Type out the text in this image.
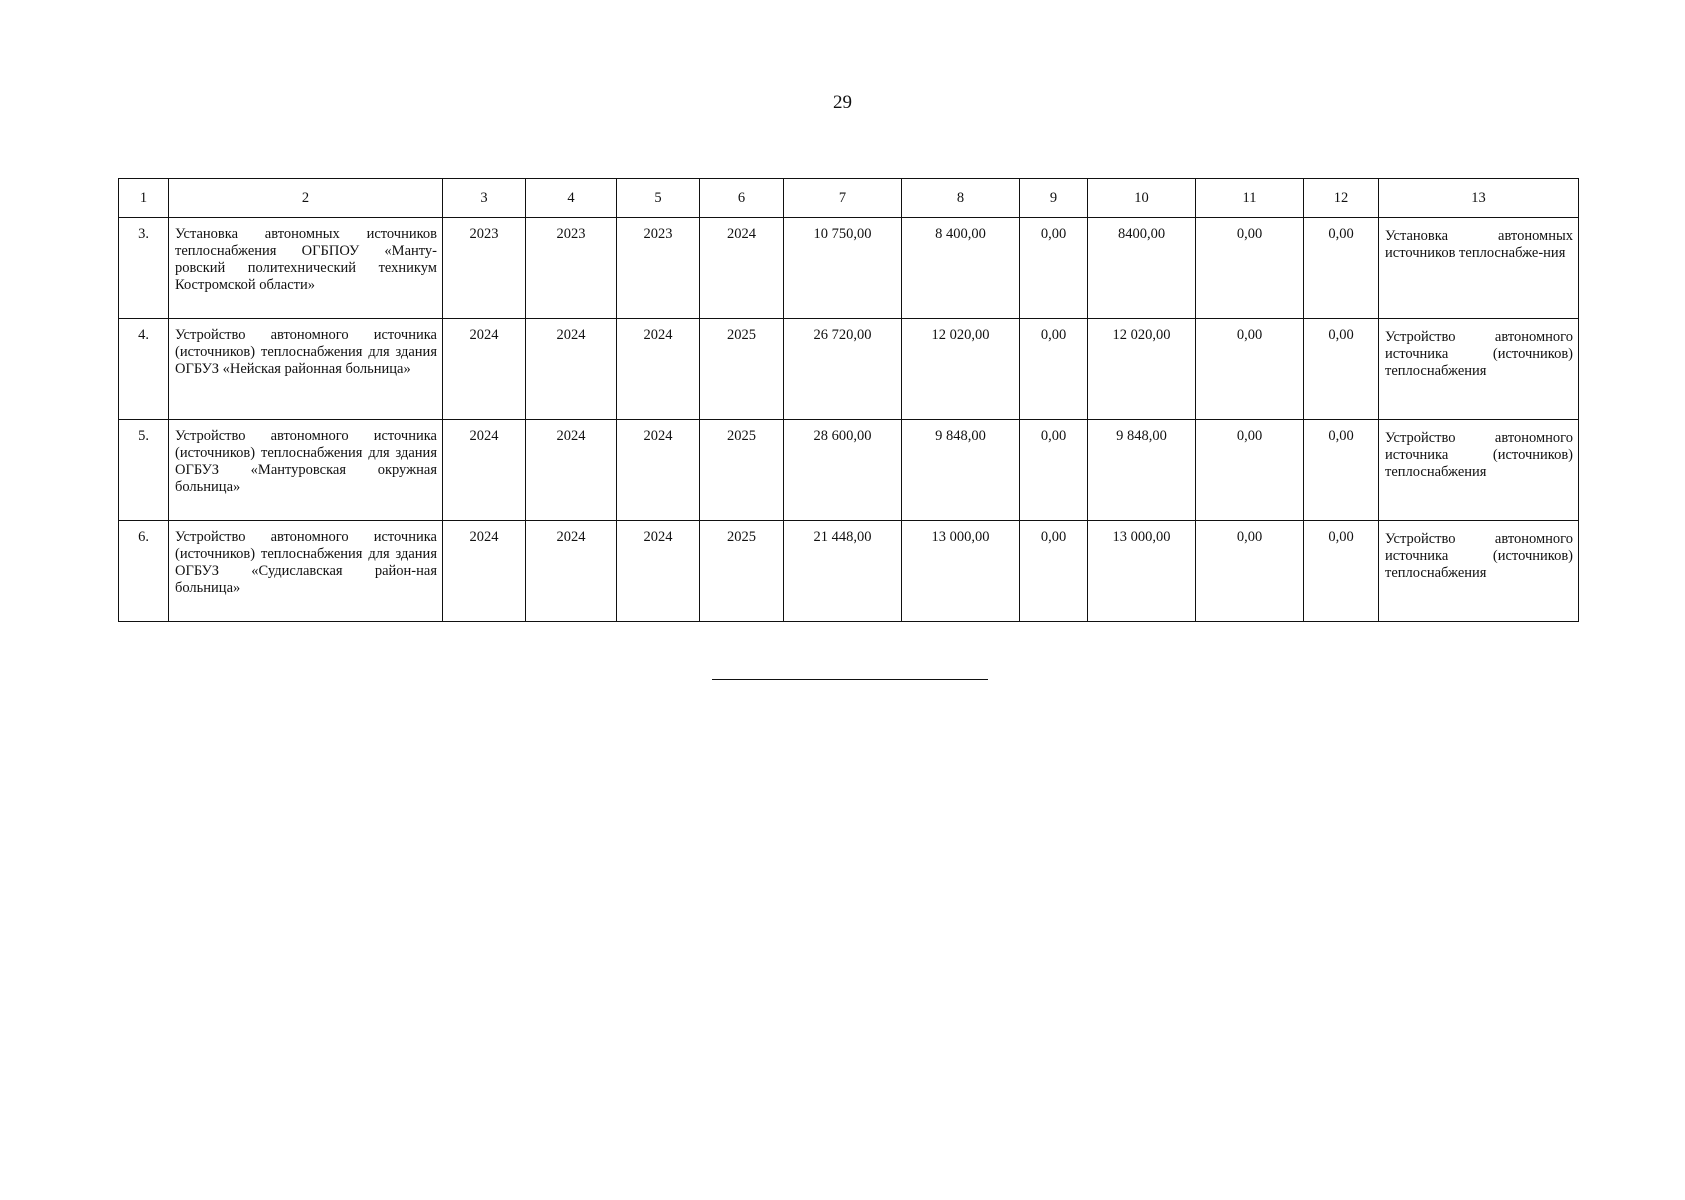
29
1	2	3	4	5	6	7	8	9	10	11	12	13
3.	Установка автономных источников теплоснабжения ОГБПОУ «Манту-ровский политехнический техникум Костромской области»	2023	2023	2023	2024	10 750,00	8 400,00	0,00	8400,00	0,00	0,00	Установка автономных источников теплоснабже-ния
4.	Устройство автономного источника (источников) теплоснабжения для здания ОГБУЗ «Нейская районная больница»	2024	2024	2024	2025	26 720,00	12 020,00	0,00	12 020,00	0,00	0,00	Устройство автономного источника (источников) теплоснабжения
5.	Устройство автономного источника (источников) теплоснабжения для здания ОГБУЗ «Мантуровская окружная больница»	2024	2024	2024	2025	28 600,00	9 848,00	0,00	9 848,00	0,00	0,00	Устройство автономного источника (источников) теплоснабжения
6.	Устройство автономного источника (источников) теплоснабжения для здания ОГБУЗ «Судиславская район-ная больница»	2024	2024	2024	2025	21 448,00	13 000,00	0,00	13 000,00	0,00	0,00	Устройство автономного источника (источников) теплоснабжения
